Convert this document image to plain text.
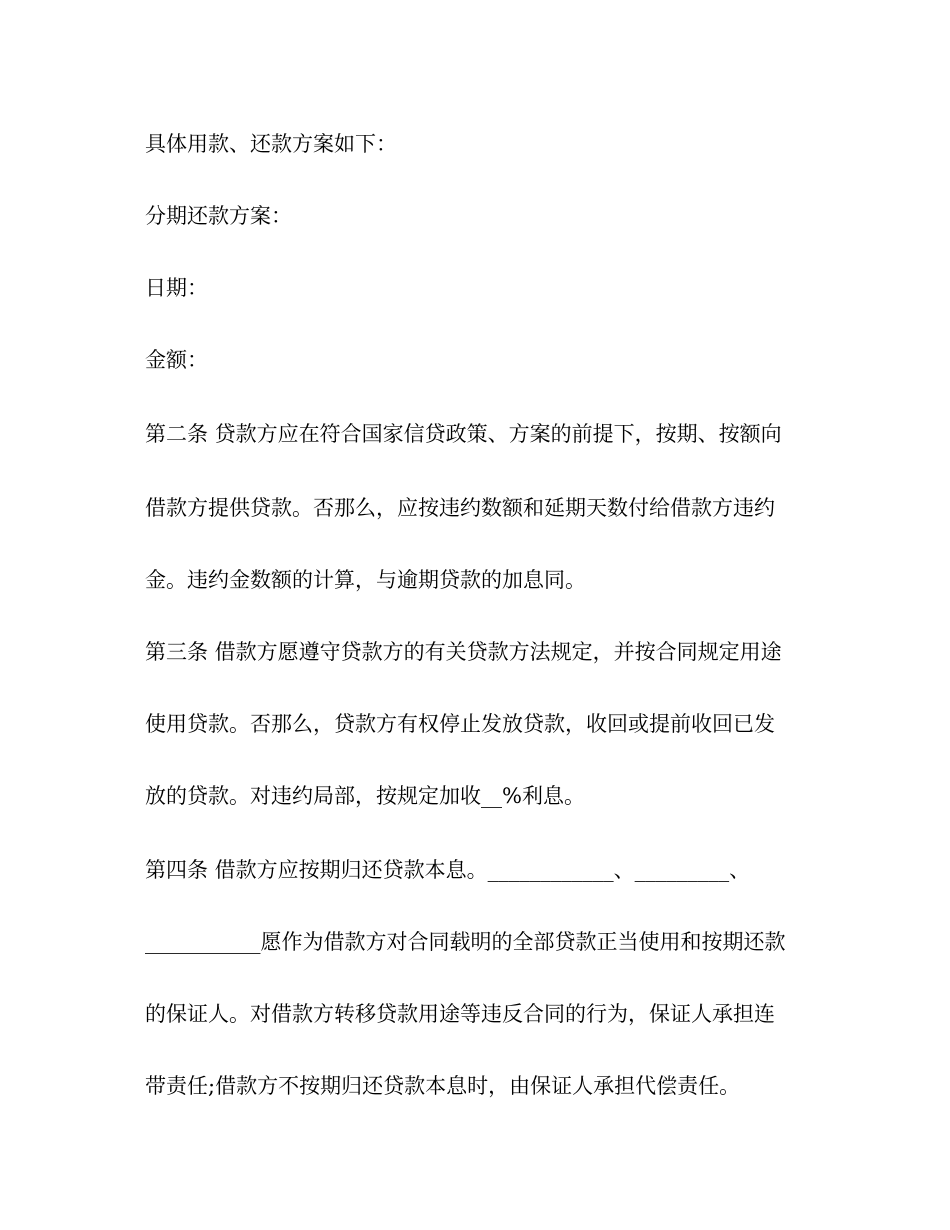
具体用款、还款方案如下：
分期还款方案：
日期：
金额：
第二条 贷款方应在符合国家信贷政策、方案的前提下，按期、按额向
借款方提供贷款。否那么，应按违约数额和延期天数付给借款方违约
金。违约金数额的计算，与逾期贷款的加息同。
第三条 借款方愿遵守贷款方的有关贷款方法规定，并按合同规定用途
使用贷款。否那么，贷款方有权停止发放贷款，收回或提前收回已发
放的贷款。对违约局部，按规定加收__%利息。
第四条 借款方应按期归还贷款本息。____________、_________、
___________愿作为借款方对合同载明的全部贷款正当使用和按期还款
的保证人。对借款方转移贷款用途等违反合同的行为，保证人承担连
带责任;借款方不按期归还贷款本息时，由保证人承担代偿责任。
